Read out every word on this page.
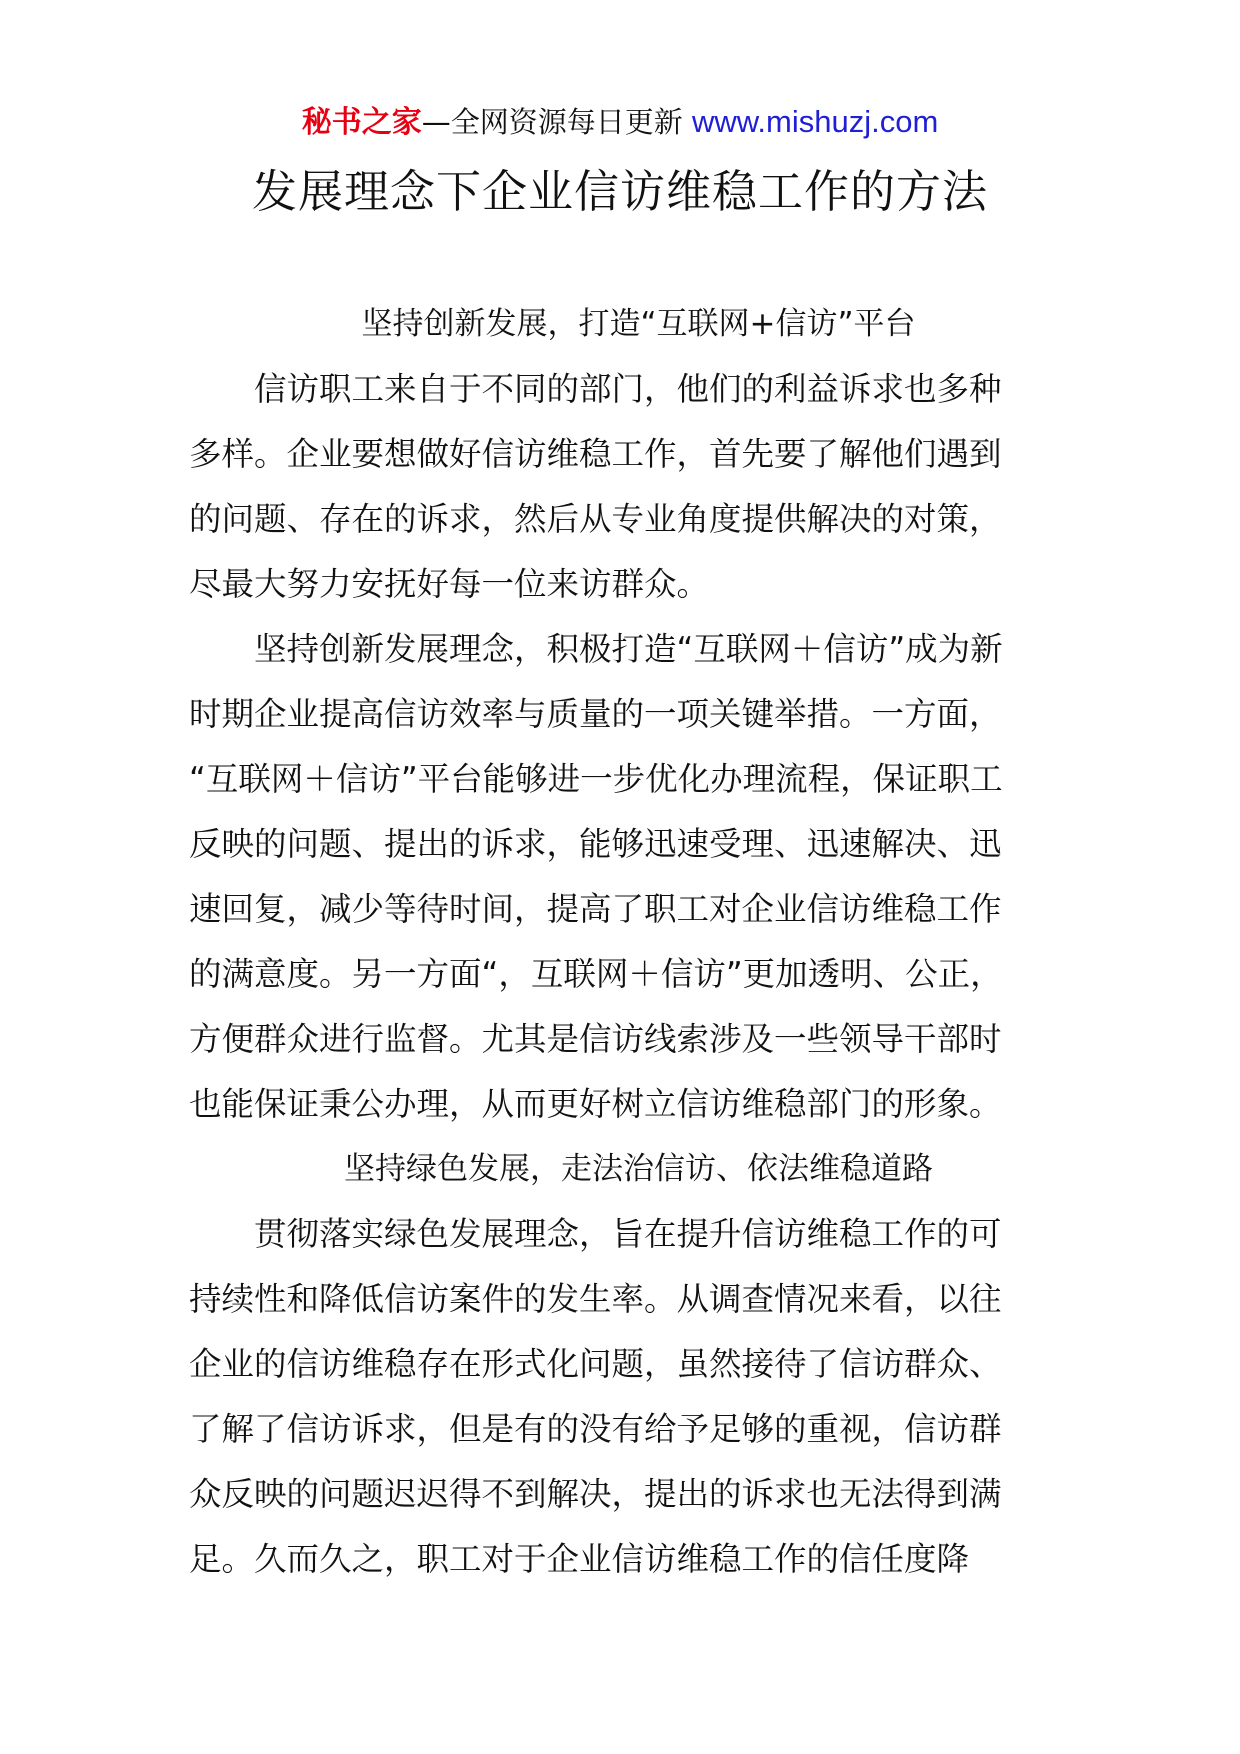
秘书之家—全网资源每日更新 www.mishuzj.com
发展理念下企业信访维稳工作的方法
坚持创新发展，打造“互联网+信访”平台
　　信访职工来自于不同的部门，他们的利益诉求也多种
多样。企业要想做好信访维稳工作，首先要了解他们遇到
的问题、存在的诉求，然后从专业角度提供解决的对策，
尽最大努力安抚好每一位来访群众。
　　坚持创新发展理念，积极打造“互联网＋信访”成为新
时期企业提高信访效率与质量的一项关键举措。一方面，
“互联网＋信访”平台能够进一步优化办理流程，保证职工
反映的问题、提出的诉求，能够迅速受理、迅速解决、迅
速回复，减少等待时间，提高了职工对企业信访维稳工作
的满意度。另一方面“，互联网＋信访”更加透明、公正，
方便群众进行监督。尤其是信访线索涉及一些领导干部时
也能保证秉公办理，从而更好树立信访维稳部门的形象。
坚持绿色发展，走法治信访、依法维稳道路
　　贯彻落实绿色发展理念，旨在提升信访维稳工作的可
持续性和降低信访案件的发生率。从调查情况来看，以往
企业的信访维稳存在形式化问题，虽然接待了信访群众、
了解了信访诉求，但是有的没有给予足够的重视，信访群
众反映的问题迟迟得不到解决，提出的诉求也无法得到满
足。久而久之，职工对于企业信访维稳工作的信任度降
